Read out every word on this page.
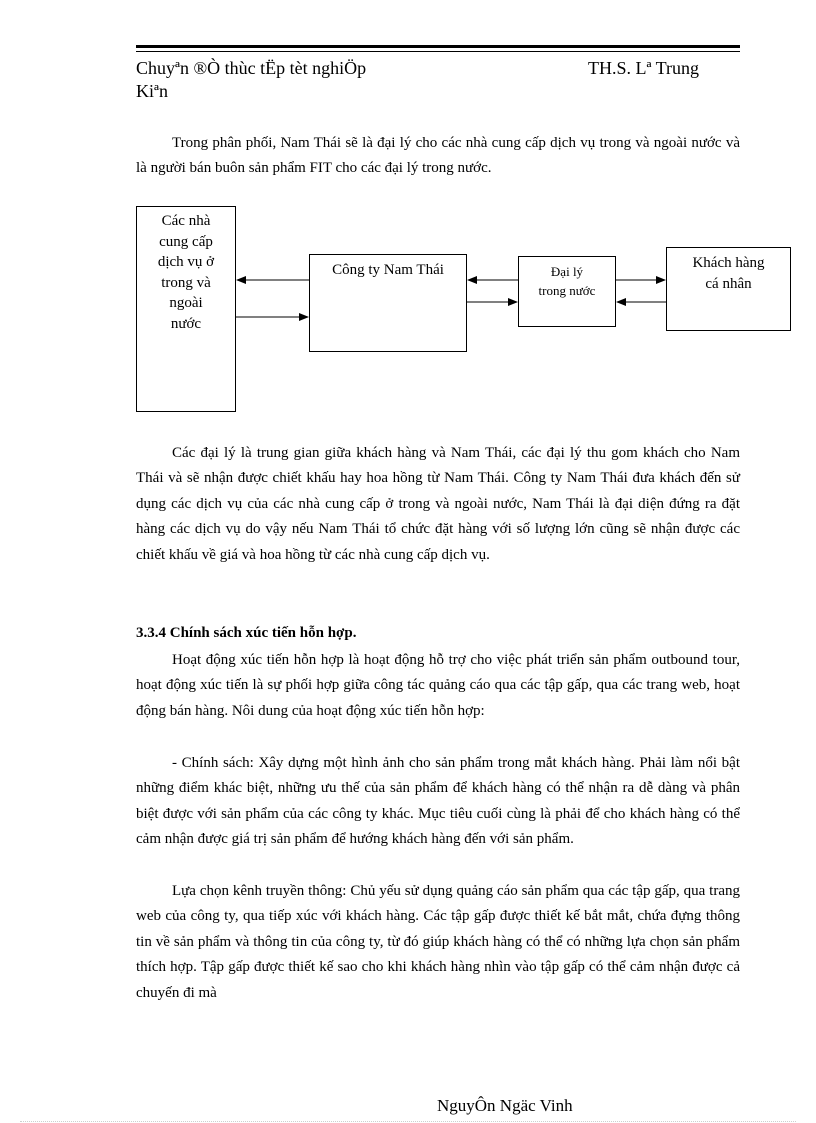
Chuyªn ®Ò thùc tËp tèt nghiÖp	TH.S. Lª Trung
Kiªn

Trong phân phối, Nam Thái sẽ là đại lý cho các nhà cung cấp dịch vụ trong và ngoài nước và là người bán buôn sản phẩm FIT cho các đại lý trong nước.

Các nhà
cung cấp
dịch vụ ở
trong và
ngoài
nước
Công ty Nam Thái	Đại lý
trong nước
Khách hàng
cá nhân

Các đại lý là trung gian giữa khách hàng và Nam Thái, các đại lý thu gom khách cho Nam Thái và sẽ nhận được chiết khấu hay hoa hồng từ Nam Thái. Công ty Nam Thái đưa khách đến sử dụng các dịch vụ của các nhà cung cấp ở trong và ngoài nước, Nam Thái là đại diện đứng ra đặt hàng các dịch vụ do vậy nếu Nam Thái tổ chức đặt hàng với số lượng lớn cũng sẽ nhận được các chiết khấu về giá và hoa hồng từ các nhà cung cấp dịch vụ.

3.3.4 Chính sách xúc tiến hỗn hợp.

Hoạt động xúc tiến hỗn hợp là hoạt động hỗ trợ cho việc phát triển sản phẩm outbound tour, hoạt động xúc tiến là sự phối hợp giữa công tác quảng cáo qua các tập gấp, qua các trang web, hoạt động bán hàng. Nôi dung của hoạt động xúc tiến hỗn hợp:

- Chính sách: Xây dựng một hình ảnh cho sản phẩm trong mắt khách hàng. Phải làm nổi bật những điểm khác biệt, những ưu thế của sản phẩm để khách hàng có thể nhận ra dễ dàng và phân biệt được với sản phẩm của các công ty khác. Mục tiêu cuối cùng là phải để cho khách hàng có thể cảm nhận được giá trị sản phẩm để hướng khách hàng đến với sản phẩm.

Lựa chọn kênh truyền thông: Chủ yếu sử dụng quảng cáo sản phẩm qua các tập gấp, qua trang web của công ty, qua tiếp xúc với khách hàng. Các tập gấp được thiết kế bắt mắt, chứa đựng thông tin về sản phẩm và thông tin của công ty, từ đó giúp khách hàng có thể có những lựa chọn sản phẩm thích hợp. Tập gấp được thiết kế sao cho khi khách hàng nhìn vào tập gấp có thể cảm nhận được cả chuyến đi mà

NguyÔn Ngäc Vinh
